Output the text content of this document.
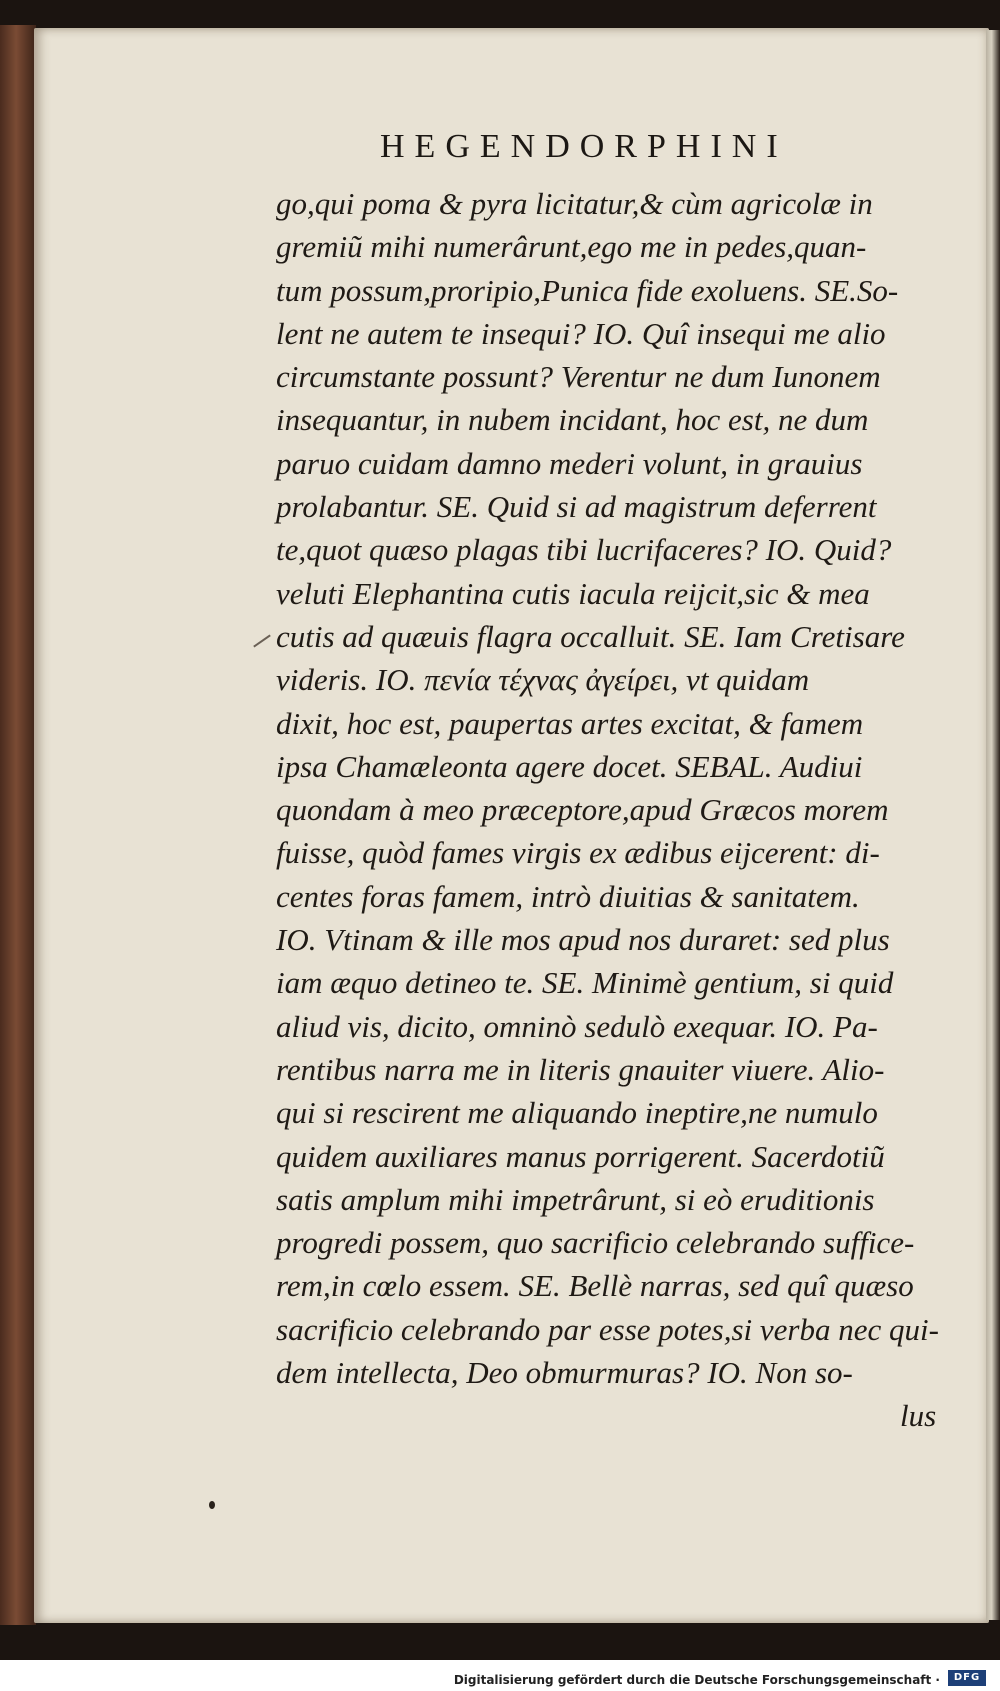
HEGENDORPHINI
go,qui poma & pyra licitatur,& cùm agricolæ in
gremiũ mihi numerârunt,ego me in pedes,quan-
tum possum,proripio,Punica fide exoluens. SE.So-
lent ne autem te insequi? IO. Quî insequi me alio
circumstante possunt? Verentur ne dum Iunonem
insequantur, in nubem incidant, hoc est, ne dum
paruo cuidam damno mederi volunt, in grauius
prolabantur. SE. Quid si ad magistrum deferrent
te,quot quæso plagas tibi lucrifaceres? IO. Quid?
veluti Elephantina cutis iacula reijcit,sic & mea
cutis ad quæuis flagra occalluit. SE. Iam Cretisare
videris. IO. πενία τέχνας ἀγείρει, vt quidam
dixit, hoc est, paupertas artes excitat, & famem
ipsa Chamæleonta agere docet. SEBAL. Audiui
quondam à meo præceptore,apud Græcos morem
fuisse, quòd fames virgis ex ædibus eijcerent: di-
centes foras famem, intrò diuitias & sanitatem.
IO. Vtinam & ille mos apud nos duraret: sed plus
iam æquo detineo te. SE. Minimè gentium, si quid
aliud vis, dicito, omninò sedulò exequar. IO. Pa-
rentibus narra me in literis gnauiter viuere. Alio-
qui si rescirent me aliquando ineptire,ne numulo
quidem auxiliares manus porrigerent. Sacerdotiũ
satis amplum mihi impetrârunt, si eò eruditionis
progredi possem, quo sacrificio celebrando suffice-
rem,in cœlo essem. SE. Bellè narras, sed quî quæso
sacrificio celebrando par esse potes,si verba nec qui-
dem intellecta, Deo obmurmuras? IO. Non so-
lus
Digitalisierung gefördert durch die Deutsche Forschungsgemeinschaft ·	DFG
